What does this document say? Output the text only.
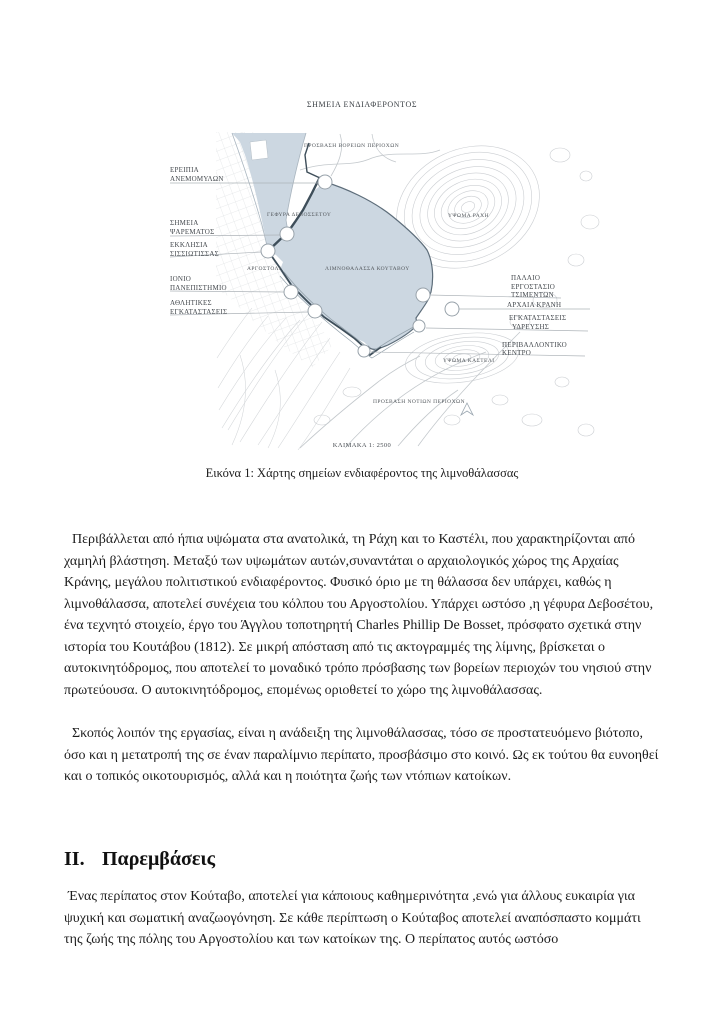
ΣΗΜΕΙΑ ΕΝΔΙΑΦΕΡΟΝΤΟΣ
ΕΡΕΙΠΙΑ
ΑΝΕΜΟΜΥΛΩΝ
ΣΗΜΕΙΑ
ΨΑΡΕΜΑΤΟΣ
ΕΚΚΛΗΣΙΑ
ΣΙΣΣΙΩΤΙΣΣΑΣ
ΙΟΝΙΟ
ΠΑΝΕΠΙΣΤΗΜΙΟ
ΑΘΛΗΤΙΚΕΣ
ΕΓΚΑΤΑΣΤΑΣΕΙΣ
ΠΑΛΑΙΟ
ΕΡΓΟΣΤΑΣΙΟ
ΤΣΙΜΕΝΤΩΝ
ΑΡΧΑΙΑ ΚΡΑΝΗ
ΕΓΚΑΤΑΣΤΑΣΕΙΣ
ΥΔΡΕΥΣΗΣ
ΠΕΡΙΒΑΛΛΟΝΤΙΚΟ
ΚΕΝΤΡΟ
ΠΡΟΣΒΑΣΗ ΒΟΡΕΙΩΝ ΠΕΡΙΟΧΩΝ
ΓΕΦΥΡΑ ΔΕΒΟΣΣΕΤΟΥ
ΑΡΓΟΣΤΟΛΙ	ΛΙΜΝΟΘΑΛΑΣΣΑ ΚΟΥΤΑΒΟΥ
ΥΨΩΜΑ ΡΑΧΗ
ΥΨΩΜΑ ΚΑΣΤΕΛΙ
ΠΡΟΣΒΑΣΗ ΝΟΤΙΩΝ ΠΕΡΙΟΧΩΝ
ΚΛΙΜΑΚΑ 1: 2500
Εικόνα 1: Χάρτης σημείων ενδιαφέροντος της λιμνοθάλασσας

Περιβάλλεται από ήπια υψώματα στα ανατολικά, τη Ράχη και το Καστέλι, που χαρακτηρίζονται από χαμηλή βλάστηση. Μεταξύ των υψωμάτων αυτών,συναντάται ο αρχαιολογικός χώρος της Αρχαίας Κράνης, μεγάλου πολιτιστικού ενδιαφέροντος. Φυσικό όριο με τη θάλασσα δεν υπάρχει, καθώς η λιμνοθάλασσα, αποτελεί συνέχεια του κόλπου του Αργοστολίου. Υπάρχει ωστόσο ,η γέφυρα Δεβοσέτου, ένα τεχνητό στοιχείο, έργο του Άγγλου τοποτηρητή Charles Phillip De Bosset, πρόσφατο σχετικά στην ιστορία του Κουτάβου (1812). Σε μικρή απόσταση από τις ακτογραμμές της λίμνης, βρίσκεται ο αυτοκινητόδρομος, που αποτελεί το μοναδικό τρόπο πρόσβασης των βορείων περιοχών του νησιού στην πρωτεύουσα. Ο αυτοκινητόδρομος, επομένως οριοθετεί το χώρο της λιμνοθάλασσας.

Σκοπός λοιπόν της εργασίας, είναι η ανάδειξη της λιμνοθάλασσας, τόσο σε προστατευόμενο βιότοπο, όσο και η μετατροπή της σε έναν παραλίμνιο περίπατο, προσβάσιμο στο κοινό. Ως εκ τούτου θα ευνοηθεί και ο τοπικός οικοτουρισμός, αλλά και η ποιότητα ζωής των ντόπιων κατοίκων.

II. Παρεμβάσεις

Ένας περίπατος στον Κούταβο, αποτελεί για κάποιους καθημερινότητα ,ενώ για άλλους ευκαιρία για ψυχική και σωματική αναζωογόνηση. Σε κάθε περίπτωση ο Κούταβος αποτελεί αναπόσπαστο κομμάτι της ζωής της πόλης του Αργοστολίου και των κατοίκων της. Ο περίπατος αυτός ωστόσο
